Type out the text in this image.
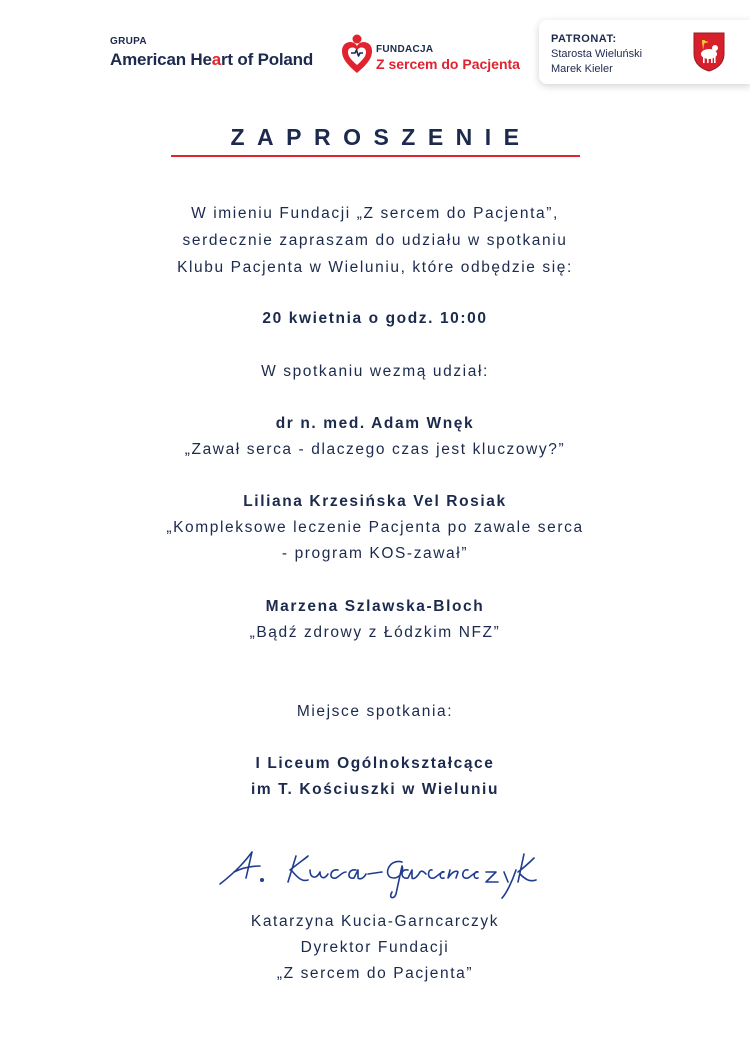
GRUPA
American Heart of Poland
FUNDACJA
Z sercem do Pacjenta
PATRONAT:
Starosta Wieluński
Marek Kieler
ZAPROSZENIE
W imieniu Fundacji „Z sercem do Pacjenta”,
serdecznie zapraszam do udziału w spotkaniu
Klubu Pacjenta w Wieluniu, które odbędzie się:
20 kwietnia o godz. 10:00
W spotkaniu wezmą udział:
dr n. med. Adam Wnęk
„Zawał serca - dlaczego czas jest kluczowy?”
Liliana Krzesińska Vel Rosiak
„Kompleksowe leczenie Pacjenta po zawale serca
- program KOS-zawał”
Marzena Szlawska-Bloch
„Bądź zdrowy z Łódzkim NFZ”
Miejsce spotkania:
I Liceum Ogólnokształcące
im T. Kościuszki w Wieluniu
Katarzyna Kucia-Garncarczyk
Dyrektor Fundacji
„Z sercem do Pacjenta”
